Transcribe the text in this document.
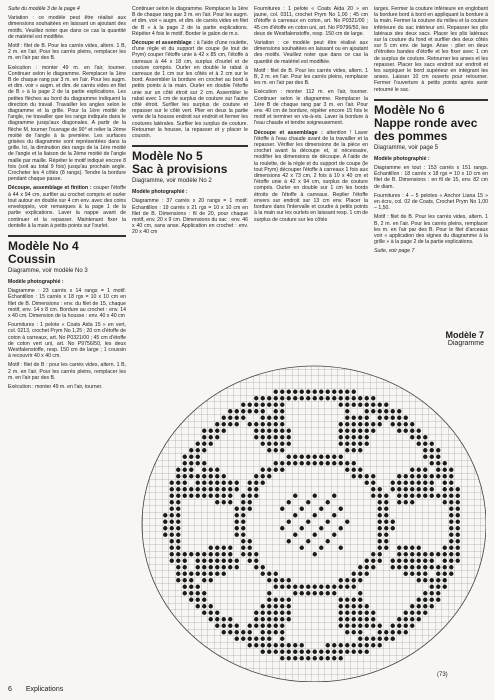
Suite du modèle 3 de la page 4

Variation : ce modèle peut être réalisé aux dimensions souhaitées en laissant un ajoutant des motifs. Veuillez noter que dans ce cas la quantité de matériel est modifiée.

Motif : filet de B. Pour les carrés vides, altern. 1 B, 2 m. en l'air. Pour les carrés pleins, remplacer les m. en l'air par des B.

Exécution : monter 49 m. en l'air, tourner. Continuer selon le diagramme. Remplacer la 1ère B de chaque rang par 3 m. en l'air. Pour les augm. et dim. voir « augm. et dim. de carrés vides en filet de B » à la page 2 de la partie explications. Les petites flèches au bord du diagramme indiquent la direction du travail. Travailler les angles selon le diagramme et la grille. Pour la 1ère moitié de l'angle, ne travailler que les rangs indiqués dans le diagramme jusqu'aux diagonales. A partir de la flèche M, tourner l'ouvrage de 90° et relier la 2ème moitié de l'angle à la première. Les surfaces grisées du diagramme sont représentées dans la grille. Ici, la diminution des rangs de la 1ère moitié de l'angle et la liaison de la 2ème moitié de l'angle maille par maille. Répéter le motif indiqué encore 8 fois (soit au total 9 fois) jusqu'au prochain angle. Crocheter les 4 côtés (8 rangs). Tendre la bordure pendant chaque passe.

Découpe, assemblage et finition : couper l'étoffe à 44 x 94 cm, surfiler au crochet compris et ourler tout autour en double sur 4 cm env. avec des coins enveloppés, voir remarques à la page 1 de la partie explications. Laver la nappe avant de continuer et la repasser. Maintenant fixer la dentelle à la main à petits points sur l'ourlet.

Modèle No 4
Coussin

Diagramme, voir modèle No 3

Modèle photographié :

Diagramme : 23 carrés x 14 rangs = 1 motif. Échantillon : 15 carrés x 18 rgs = 10 x 10 cm en filet de B. Dimensions : env. du filet de 15, chaque motif, env. 14 x 8 cm. Bordure au crochet : env. 14 x 40 cm. Dimension de la housse : env. 40 x 40 cm

Fournitures : 1 pelote « Coats Aida 15 » en vert, col. 0213, crochet Prym No 1,25 ; 20 cm d'étoffe de coton à carreaux, art. No P0321/00 ; 45 cm d'étoffe de coton vert uni, art. No P9756/50, les deux Westfalenstoffe, resp. 150 cm de large ; 1 coussin à recouvrir 40 x 40 cm.

Motif : filet de B : pour les carrés vides, altern. 1 B, 2 m. en l'air. Pour les carrés pleins, remplacer les m. en l'air par des B.

Exécution : monter 49 m. en l'air, tourner.

Continuer selon le diagramme. Remplacer la 1ère B de chaque rang par 3 m. en l'air. Pour les augm. et dim. voir « augm. et dim. de carrés vides en filet de B » à la page 2 de la partie explications. Répéter 4 fois le motif. Border le galon de m.s.

Découpe et assemblage : à l'aide d'une roulette, d'une règle et du support de coupe (le tout de Prym) couper l'étoffe unie à 42 x 85 cm, l'étoffe à carreaux à 44 x 18 cm, surplus d'ourlet et de couture compris. Ourler en double le rabat à carreaux de 1 cm sur les côtés et à 2 cm sur le bord. Assembler la bordure en crochet au bord à petits points à la main. Ourler en double l'étoffe unie sur un côté étroit sur 2 cm. Assembler le rabat avec 1 cm de surplus de couture sur l'autre côté étroit. Surfiler les surplus de couture et repasser sur le côté vert. Plier en deux la partie verte de la housse endroit sur endroit et fermer les coutures latérales. Surfiler les surplus de couture. Retourner la housse, la repasser et y placer le coussin.

Modèle No 5
Sac à provisions

Diagramme, voir modèle No 2

Modèle photographié :

Diagramme : 37 carrés x 20 rangs = 1 motif. Échantillon : 19 carrés x 21 rgs = 10 x 10 cm en filet de B. Dimensions : fil de 20, pour chaque motif, env. 20 x 9 cm. Dimensions du sac : env. 46 x 40 cm, sans anse. Application en crochet : env. 20 x 40 cm

Fournitures : 1 pelote « Coats Aida 20 » en jaune, col. 0311, crochet Prym No 1,00 ; 45 cm d'étoffe à carreaux en coton, art. No P0321/00 ; 45 cm d'étoffe en coton uni, art. No P9796/50, les deux de Westfalenstoffe, resp. 150 cm de large.

Variation : ce modèle peut être réalisé aux dimensions souhaitées en laissant ou en ajoutant des motifs. Veuillez noter que dans ce cas la quantité de matériel est modifiée.

Motif : filet de B. Pour les carrés vides, altern. 1 B, 2 m. en l'air. Pour les carrés pleins, remplacer les m. en l'air par des B.

Exécution : monter 112 m. en l'air, tourner. Continuer selon le diagramme. Remplacer la 1ère B de chaque rang par 3 m. en l'air. Pour env. 40 cm de bordure, répéter encore 15 fois le motif et terminer en vis-à-vis. Laver la bordure à l'eau chaude et tendre soigneusement.

Découpe et assemblage : attention ! Laver l'étoffe à l'eau chaude avant de la travailler et la repasser. Vérifier les dimensions de la pièce en crochet avant la découpe et, si nécessaire, modifier les dimensions de découpe. A l'aide de la roulette, de la règle et du support de coupe (le tout Prym) découper l'étoffe à carreaux 1 fois aux dimensions 42 x 73 cm, 2 fois à 10 x 40 cm et l'étoffe unie à 42 x 94 cm, surplus de couture compris. Ourler en double sur 1 cm les bords étroits de l'étoffe à carreaux. Replier l'étoffe envers sur endroit sur 13 cm env. Placer la bordure dans l'intervalle et coudre à petits points à la main sur les ourlets en laissant resp. 1 cm de surplus de couture sur les côtés

larges. Fermer la couture inférieure en englobant la bordure bord à bord en appliquant la bordure à la main. Fermer la couture du milieu et la couture inférieure du sac intérieur uni. Repasser les plis latéraux des deux sacs. Placer les plis latéraux sur la couture du fond et surfiler des deux côtés sur 5 cm env. de large. Anse : plier en deux d'étroites bandes d'étoffe et les fixer avec 1 cm de surplus de couture. Retourner les anses et les repasser. Placer les sacs endroit sur endroit et les surpiquer le bord supérieur en intégrant les anses. Laisser 10 cm ouverts pour retourner. Fermer l'ouverture à petits points après avoir retourné le sac.

Modèle No 6
Nappe ronde avec des pommes

Diagramme, voir page 5

Modèle photographié :

Diagramme en tout : 153 carrés x 151 rangs. Échantillon : 18 carrés x 18 rgs = 10 x 10 cm en filet de B. Dimensions : en fil de 15, env. 82 cm de diam.

Fournitures : 4 – 5 pelotes « Anchor Liana 15 » en écru, col. 02 de Coats, Crochet Prym No 1,00 – 1,50.

Motif : filet de B. Pour les carrés vides, altern. 1 B, 2 m. en l'air. Pour les carrés pleins, remplacer les m. en l'air par des B. Pour le filet d'arceaux voir « application des signes du diagramme à la grille » à la page 2 de la partie explications.

Suite, voir page 7

Modèle 7
Diagramme
(73)
6 Explications
